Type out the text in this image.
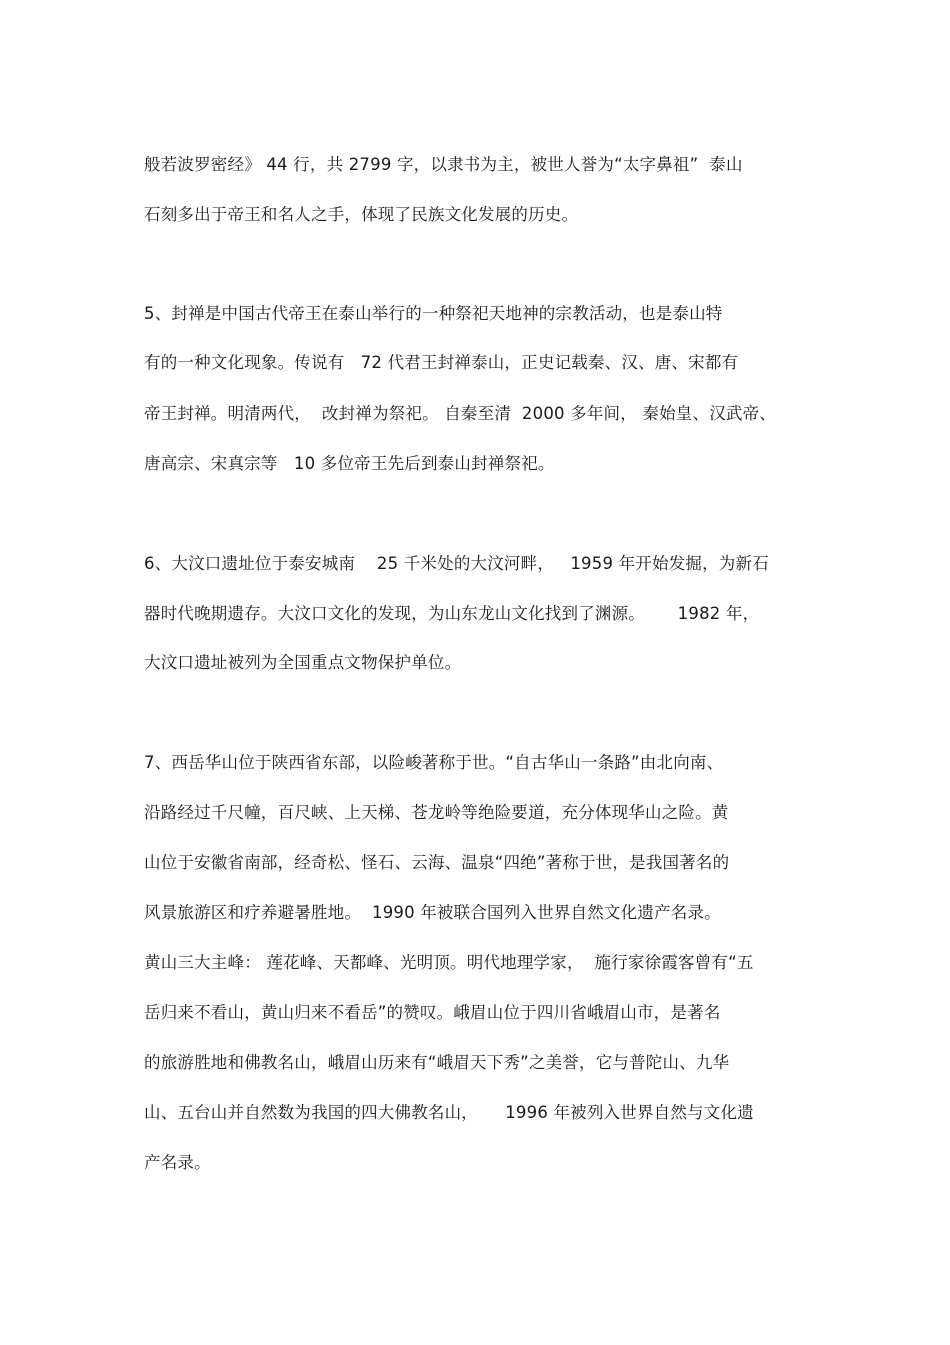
般若波罗密经》 44 行，共 2799 字，以隶书为主，被世人誉为“太字鼻祖”  泰山
石刻多出于帝王和名人之手，体现了民族文化发展的历史。
5、封禅是中国古代帝王在泰山举行的一种祭祀天地神的宗教活动，也是泰山特
有的一种文化现象。传说有   72 代君王封禅泰山，正史记载秦、汉、唐、宋都有
帝王封禅。明清两代，  改封禅为祭祀。 自秦至清  2000 多年间， 秦始皇、汉武帝、
唐高宗、宋真宗等   10 多位帝王先后到泰山封禅祭祀。
6、大汶口遗址位于泰安城南    25 千米处的大汶河畔，   1959 年开始发掘，为新石
器时代晚期遗存。大汶口文化的发现，为山东龙山文化找到了渊源。      1982 年，
大汶口遗址被列为全国重点文物保护单位。
7、西岳华山位于陕西省东部，以险峻著称于世。“自古华山一条路”由北向南、
沿路经过千尺幢，百尺峡、上天梯、苍龙岭等绝险要道，充分体现华山之险。黄
山位于安徽省南部，经奇松、怪石、云海、温泉“四绝”著称于世，是我国著名的
风景旅游区和疗养避暑胜地。  1990 年被联合国列入世界自然文化遗产名录。
黄山三大主峰： 莲花峰、天都峰、光明顶。明代地理学家，  施行家徐霞客曾有“五
岳归来不看山，黄山归来不看岳”的赞叹。峨眉山位于四川省峨眉山市，是著名
的旅游胜地和佛教名山，峨眉山历来有“峨眉天下秀”之美誉，它与普陀山、九华
山、五台山并自然数为我国的四大佛教名山，     1996 年被列入世界自然与文化遗
产名录。
